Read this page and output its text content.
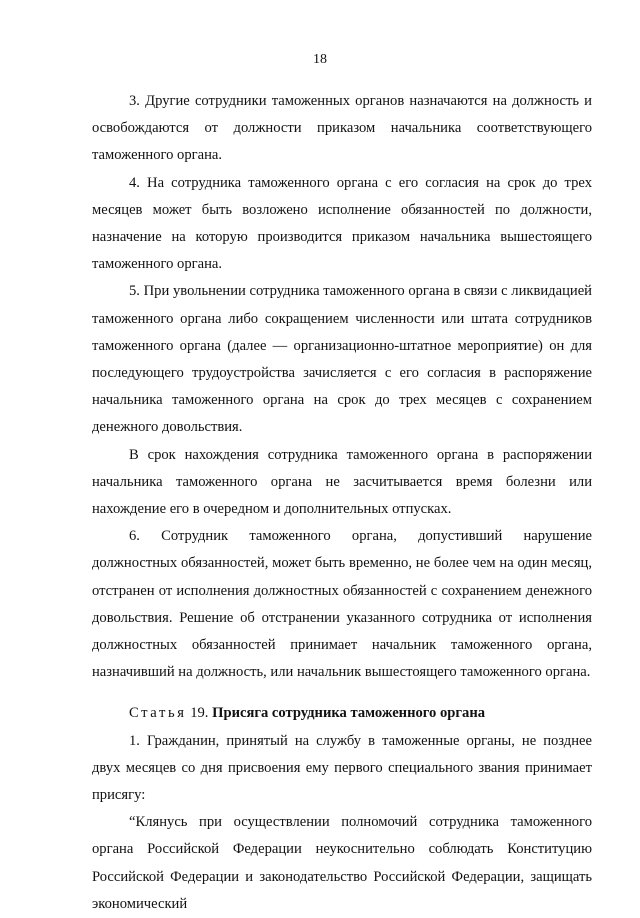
18

3. Другие сотрудники таможенных органов назначаются на должность и освобождаются от должности приказом начальника соответствующего таможенного органа.

4. На сотрудника таможенного органа с его согласия на срок до трех месяцев может быть возложено исполнение обязанностей по должности, назначение на которую производится приказом начальника вышестоящего таможенного органа.

5. При увольнении сотрудника таможенного органа в связи с ликвидацией таможенного органа либо сокращением численности или штата сотрудников таможенного органа (далее — организационно-штатное мероприятие) он для последующего трудоустройства зачисляется с его согласия в распоряжение начальника таможенного органа на срок до трех месяцев с сохранением денежного довольствия.

В срок нахождения сотрудника таможенного органа в распоряжении начальника таможенного органа не засчитывается время болезни или нахождение его в очередном и дополнительных отпусках.

6. Сотрудник таможенного органа, допустивший нарушение должностных обязанностей, может быть временно, не более чем на один месяц, отстранен от исполнения должностных обязанностей с сохранением денежного довольствия. Решение об отстранении указанного сотрудника от исполнения должностных обязанностей принимает начальник таможенного органа, назначивший на должность, или начальник вышестоящего таможенного органа.

Статья 19. Присяга сотрудника таможенного органа

1. Гражданин, принятый на службу в таможенные органы, не позднее двух месяцев со дня присвоения ему первого специального звания принимает присягу:

“Клянусь при осуществлении полномочий сотрудника таможенного органа Российской Федерации неукоснительно соблюдать Конституцию Российской Федерации и законодательство Российской Федерации, защищать экономический
